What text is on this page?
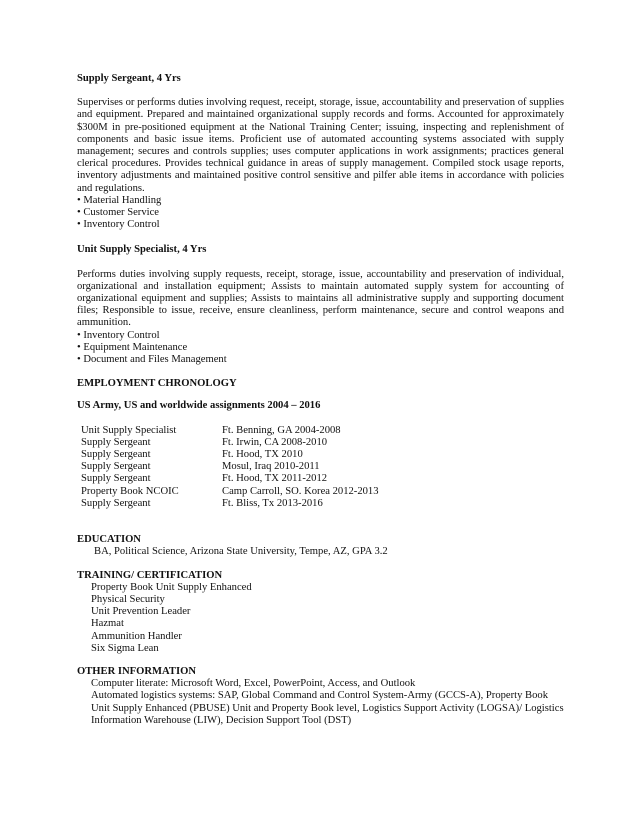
Supply Sergeant, 4 Yrs

Supervises or performs duties involving request, receipt, storage, issue, accountability and preservation of supplies and equipment. Prepared and maintained organizational supply records and forms. Accounted for approximately $300M in pre-positioned equipment at the National Training Center; issuing, inspecting and replenishment of components and basic issue items. Proficient use of automated accounting systems associated with supply management; secures and controls supplies; uses computer applications in work assignments; practices general clerical procedures. Provides technical guidance in areas of supply management. Compiled stock usage reports, inventory adjustments and maintained positive control sensitive and pilfer able items in accordance with policies and regulations.

• Material Handling
• Customer Service
• Inventory Control

Unit Supply Specialist, 4 Yrs

Performs duties involving supply requests, receipt, storage, issue, accountability and preservation of individual, organizational and installation equipment; Assists to maintain automated supply system for accounting of organizational equipment and supplies; Assists to maintains all administrative supply and supporting document files; Responsible to issue, receive, ensure cleanliness, perform maintenance, secure and control weapons and ammunition.

• Inventory Control
• Equipment Maintenance
• Document and Files Management

EMPLOYMENT CHRONOLOGY

US Army, US and worldwide assignments 2004 – 2016

Unit Supply Specialist	Ft. Benning, GA 2004-2008
Supply Sergeant	Ft. Irwin, CA 2008-2010
Supply Sergeant	Ft. Hood, TX 2010
Supply Sergeant	Mosul, Iraq 2010-2011
Supply Sergeant	Ft. Hood, TX 2011-2012
Property Book NCOIC	Camp Carroll, SO. Korea 2012-2013
Supply Sergeant	Ft. Bliss, Tx 2013-2016

EDUCATION

BA, Political Science, Arizona State University, Tempe, AZ, GPA 3.2

TRAINING/ CERTIFICATION

Property Book Unit Supply Enhanced
Physical Security
Unit Prevention Leader
Hazmat
Ammunition Handler
Six Sigma Lean

OTHER INFORMATION

Computer literate: Microsoft Word, Excel, PowerPoint, Access, and Outlook
Automated logistics systems: SAP, Global Command and Control System-Army (GCCS-A), Property Book Unit Supply Enhanced (PBUSE) Unit and Property Book level, Logistics Support Activity (LOGSA)/ Logistics Information Warehouse (LIW), Decision Support Tool (DST)
